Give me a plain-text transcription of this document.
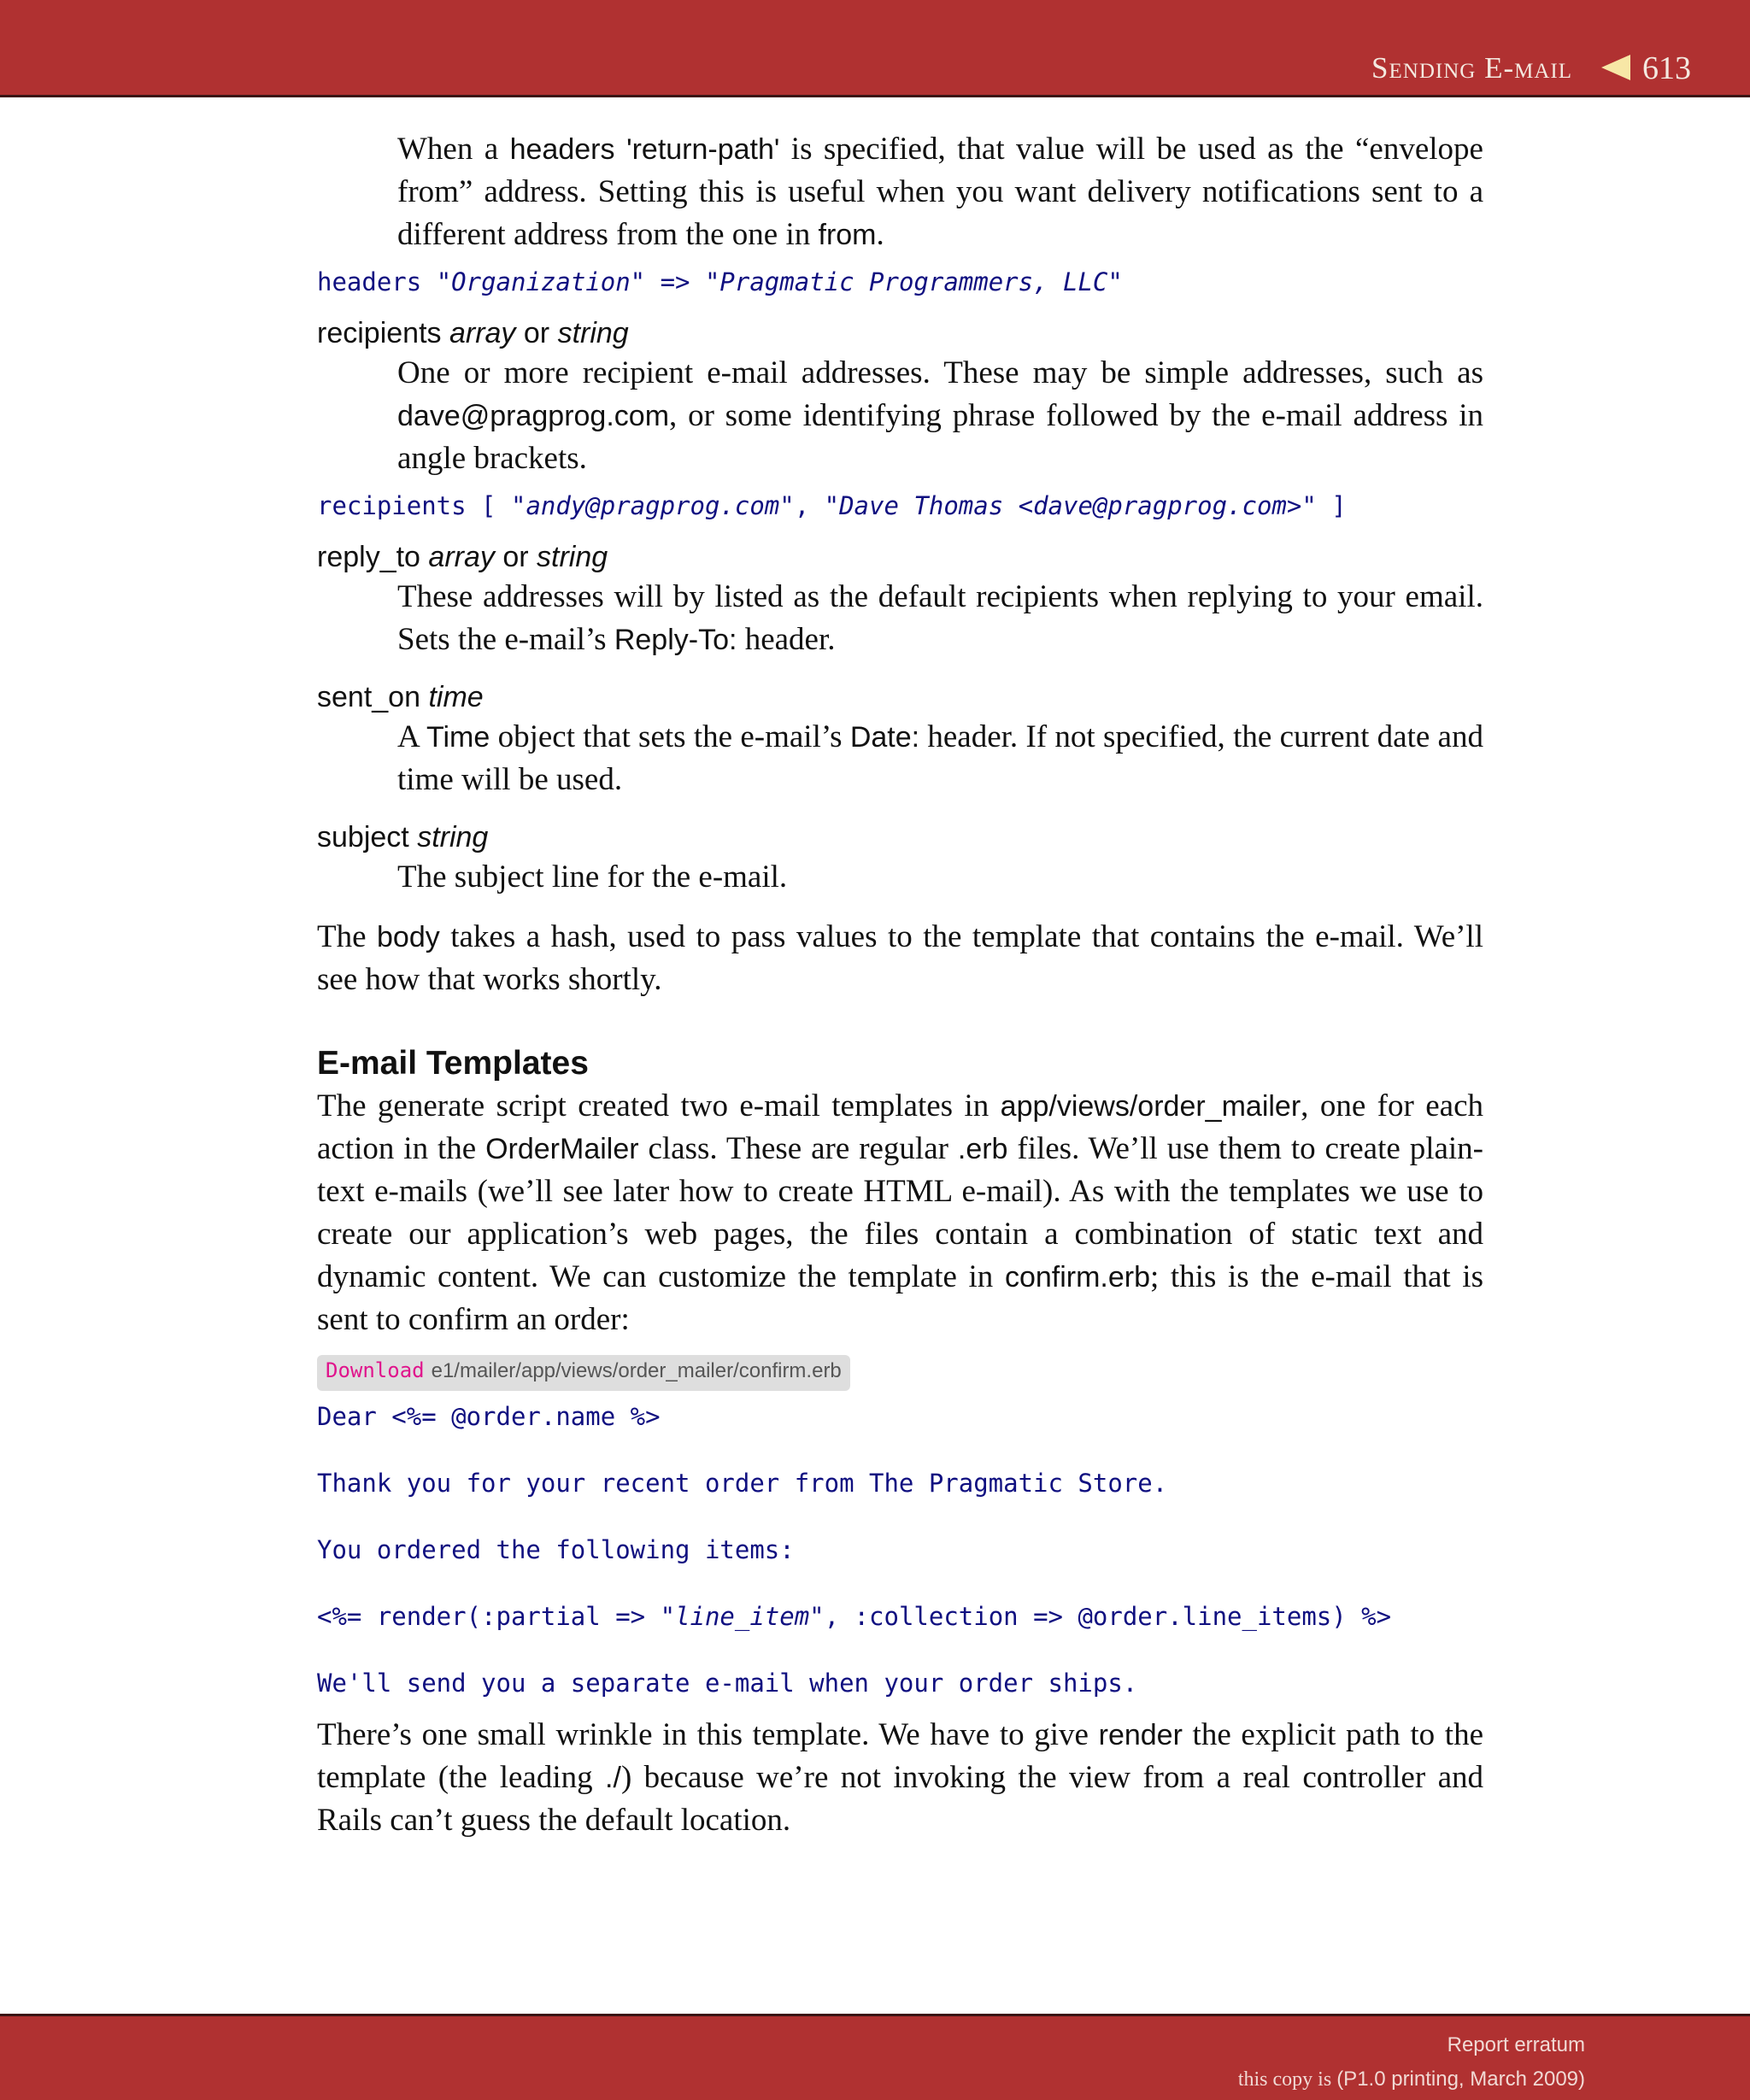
Sending E-mail 613

When a headers 'return-path' is specified, that value will be used as the “envelope from” address. Setting this is useful when you want delivery notifications sent to a different address from the one in from.

headers "Organization" => "Pragmatic Programmers, LLC"

recipients array or string

One or more recipient e-mail addresses. These may be simple addresses, such as dave@pragprog.com, or some identifying phrase followed by the e-mail address in angle brackets.

recipients [ "andy@pragprog.com", "Dave Thomas <dave@pragprog.com>" ]

reply_to array or string

These addresses will by listed as the default recipients when replying to your email. Sets the e-mail’s Reply-To: header.

sent_on time

A Time object that sets the e-mail’s Date: header. If not specified, the current date and time will be used.

subject string

The subject line for the e-mail.

The body takes a hash, used to pass values to the template that contains the e-mail. We’ll see how that works shortly.

E-mail Templates

The generate script created two e-mail templates in app/views/order_mailer, one for each action in the OrderMailer class. These are regular .erb files. We’ll use them to create plain-text e-mails (we’ll see later how to create HTML e-mail). As with the templates we use to create our application’s web pages, the files contain a combination of static text and dynamic content. We can customize the template in confirm.erb; this is the e-mail that is sent to confirm an order:

Download e1/mailer/app/views/order_mailer/confirm.erb
Dear <%= @order.name %>
Thank you for your recent order from The Pragmatic Store.
You ordered the following items:
<%= render(:partial => "line_item", :collection => @order.line_items) %>
We'll send you a separate e-mail when your order ships.

There’s one small wrinkle in this template. We have to give render the explicit path to the template (the leading ./) because we’re not invoking the view from a real controller and Rails can’t guess the default location.

Report erratum
this copy is (P1.0 printing, March 2009)
